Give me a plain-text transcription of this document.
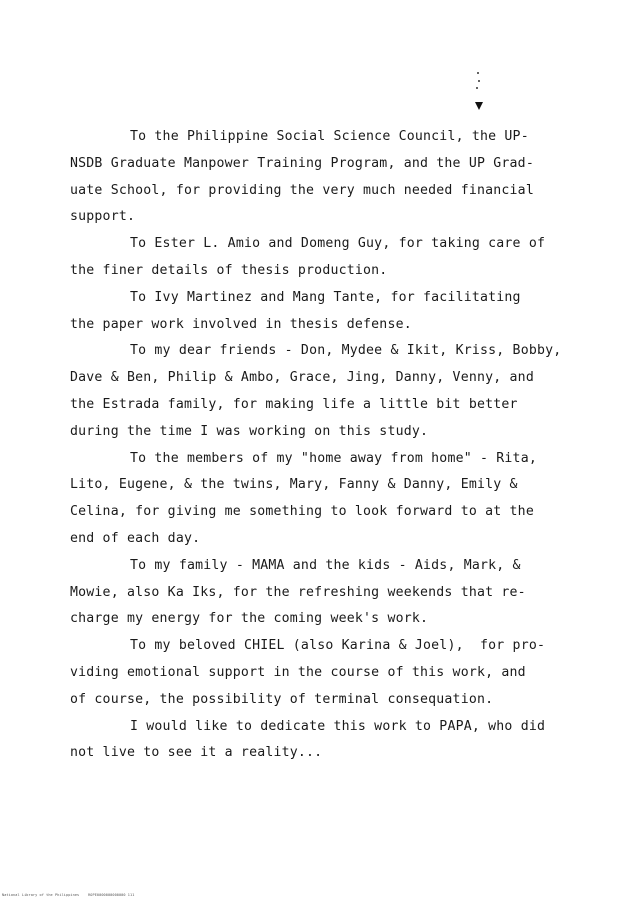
To the Philippine Social Science Council, the UP-
NSDB Graduate Manpower Training Program, and the UP Grad-
uate School, for providing the very much needed financial
support.
To Ester L. Amio and Domeng Guy, for taking care of
the finer details of thesis production.
To Ivy Martinez and Mang Tante, for facilitating
the paper work involved in thesis defense.
To my dear friends - Don, Mydee & Ikit, Kriss, Bobby,
Dave & Ben, Philip & Ambo, Grace, Jing, Danny, Venny, and
the Estrada family, for making life a little bit better
during the time I was working on this study.
To the members of my "home away from home" - Rita,
Lito, Eugene, & the twins, Mary, Fanny & Danny, Emily &
Celina, for giving me something to look forward to at the
end of each day.
To my family - MAMA and the kids - Aids, Mark, &
Mowie, also Ka Iks, for the refreshing weekends that re-
charge my energy for the coming week's work.
To my beloved CHIEL (also Karina & Joel),  for pro-
viding emotional support in the course of this work, and
of course, the possibility of terminal consequation.
I would like to dedicate this work to PAPA, who did
not live to see it a reality...
National Library of the Philippines    ROPE0000000000000 111
